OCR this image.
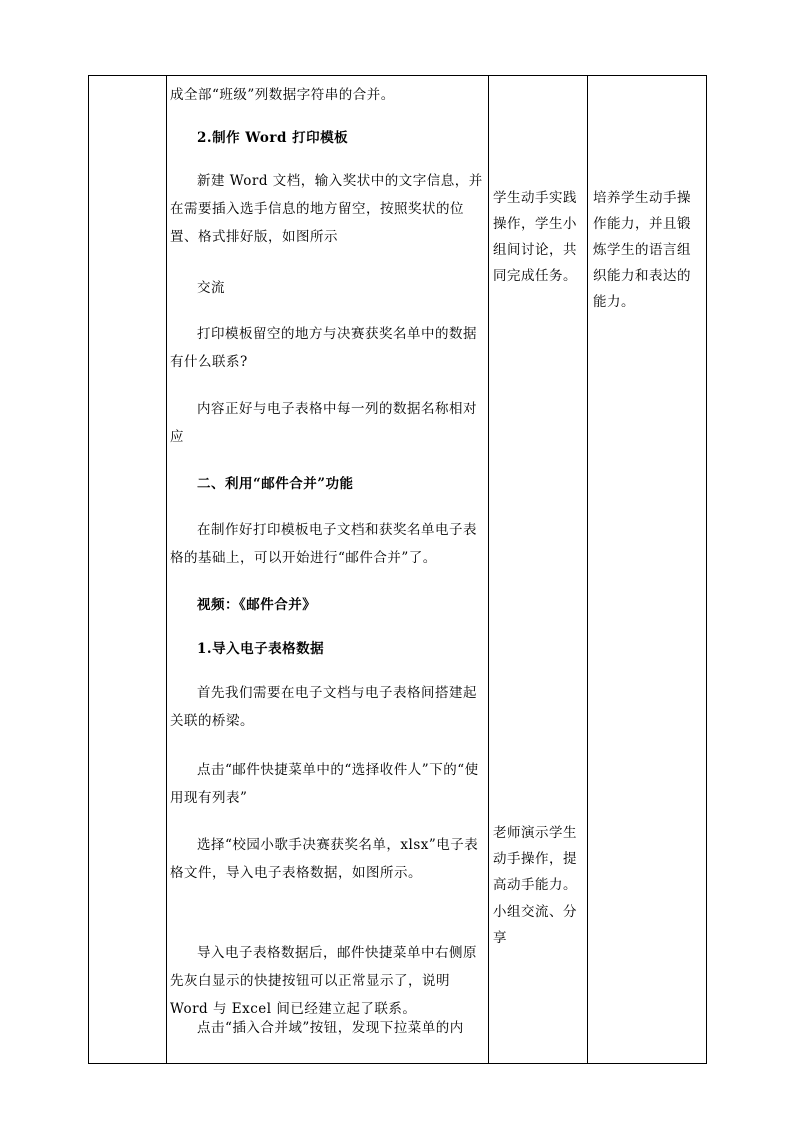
成全部“班级”列数据字符串的合并。
2.制作 Word 打印模板
新建 Word 文档，输入奖状中的文字信息，并在需要插入选手信息的地方留空，按照奖状的位置、格式排好版，如图所示
交流
打印模板留空的地方与决赛获奖名单中的数据有什么联系?
内容正好与电子表格中每一列的数据名称相对应
二、利用“邮件合并”功能
在制作好打印模板电子文档和获奖名单电子表格的基础上，可以开始进行“邮件合并”了。
视频：《邮件合并》
1.导入电子表格数据
首先我们需要在电子文档与电子表格间搭建起关联的桥梁。
点击“邮件快捷菜单中的“选择收件人”下的“使用现有列表”
选择“校园小歌手决赛获奖名单，xlsx”电子表格文件，导入电子表格数据，如图所示。
导入电子表格数据后，邮件快捷菜单中右侧原先灰白显示的快捷按钮可以正常显示了，说明Word 与 Excel 间已经建立起了联系。
点击“插入合并域”按钮，发现下拉菜单的内
学生动手实践操作，学生小组间讨论，共同完成任务。
老师演示学生动手操作，提高动手能力。
小组交流、分享
培养学生动手操作能力，并且锻炼学生的语言组织能力和表达的能力。
